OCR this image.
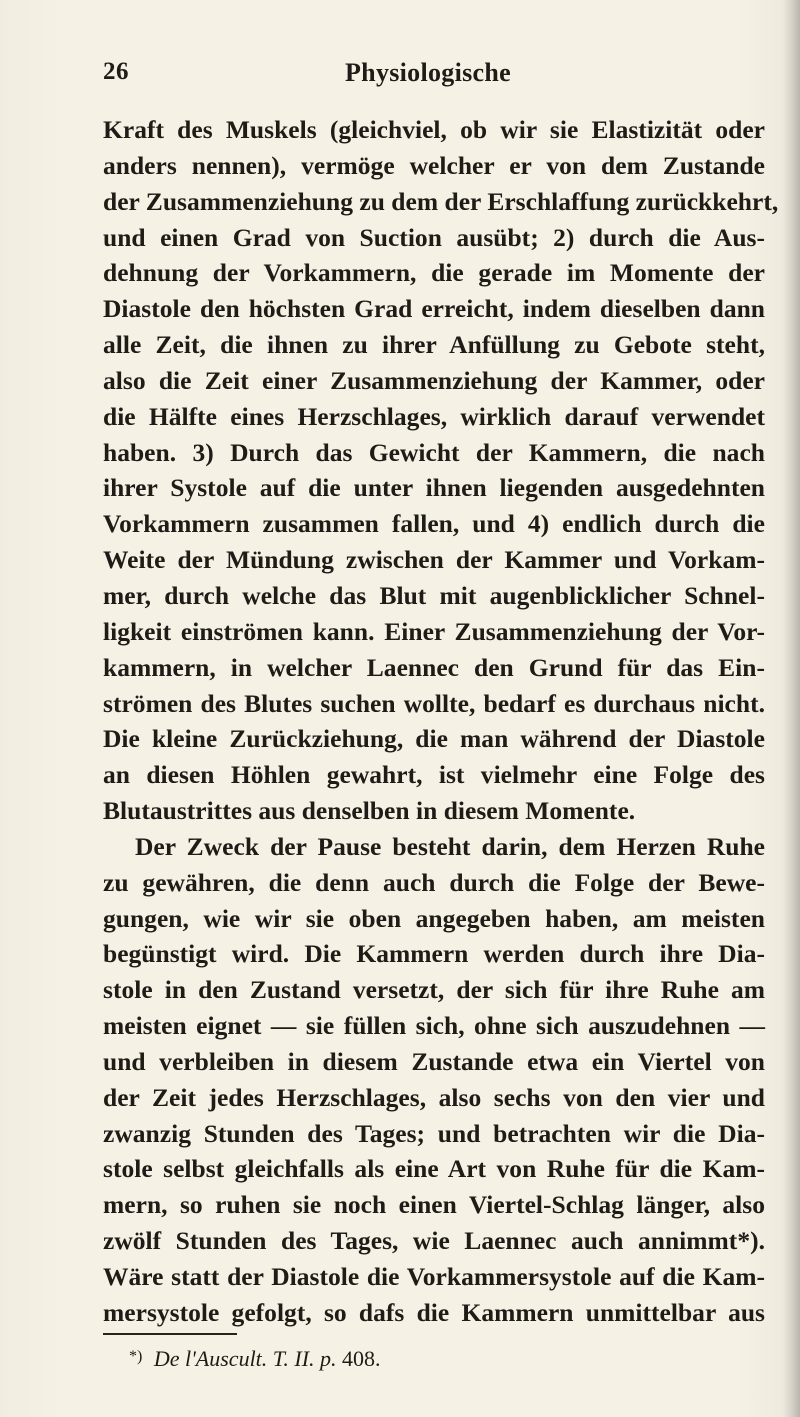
26	Physiologische
Kraft des Muskels (gleichviel, ob wir sie Elastizität oder
anders nennen), vermöge welcher er von dem Zustande
der Zusammenziehung zu dem der Erschlaffung zurückkehrt,
und einen Grad von Suction ausübt; 2) durch die Aus-
dehnung der Vorkammern, die gerade im Momente der
Diastole den höchsten Grad erreicht, indem dieselben dann
alle Zeit, die ihnen zu ihrer Anfüllung zu Gebote steht,
also die Zeit einer Zusammenziehung der Kammer, oder
die Hälfte eines Herzschlages, wirklich darauf verwendet
haben. 3) Durch das Gewicht der Kammern, die nach
ihrer Systole auf die unter ihnen liegenden ausgedehnten
Vorkammern zusammen fallen, und 4) endlich durch die
Weite der Mündung zwischen der Kammer und Vorkam-
mer, durch welche das Blut mit augenblicklicher Schnel-
ligkeit einströmen kann. Einer Zusammenziehung der Vor-
kammern, in welcher Laennec den Grund für das Ein-
strömen des Blutes suchen wollte, bedarf es durchaus nicht.
Die kleine Zurückziehung, die man während der Diastole
an diesen Höhlen gewahrt, ist vielmehr eine Folge des
Blutaustrittes aus denselben in diesem Momente.
Der Zweck der Pause besteht darin, dem Herzen Ruhe
zu gewähren, die denn auch durch die Folge der Bewe-
gungen, wie wir sie oben angegeben haben, am meisten
begünstigt wird. Die Kammern werden durch ihre Dia-
stole in den Zustand versetzt, der sich für ihre Ruhe am
meisten eignet — sie füllen sich, ohne sich auszudehnen —
und verbleiben in diesem Zustande etwa ein Viertel von
der Zeit jedes Herzschlages, also sechs von den vier und
zwanzig Stunden des Tages; und betrachten wir die Dia-
stole selbst gleichfalls als eine Art von Ruhe für die Kam-
mern, so ruhen sie noch einen Viertel-Schlag länger, also
zwölf Stunden des Tages, wie Laennec auch annimmt*).
Wäre statt der Diastole die Vorkammersystole auf die Kam-
mersystole gefolgt, so dafs die Kammern unmittelbar aus
*) De l'Auscult. T. II. p. 408.
